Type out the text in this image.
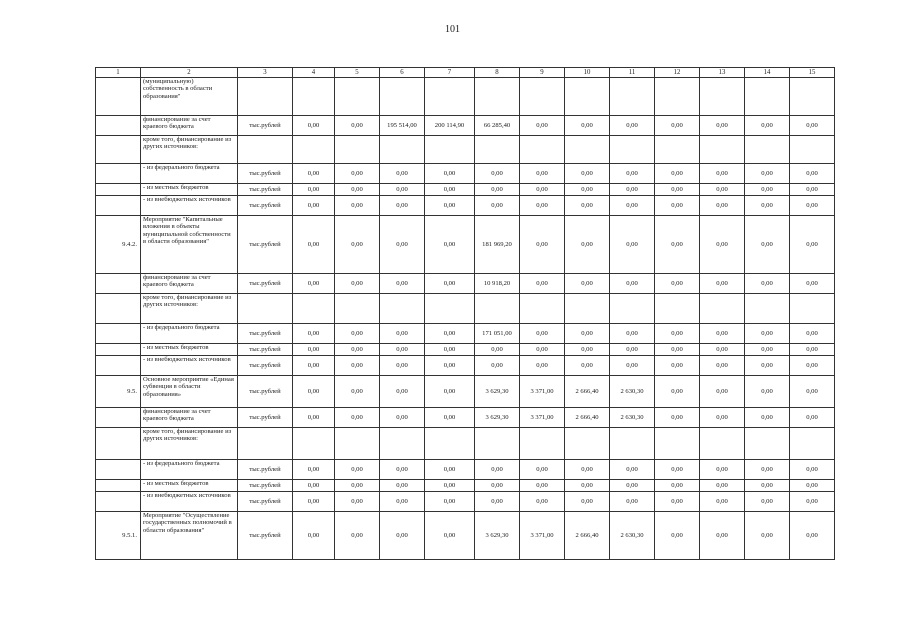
101
1	2	3	4	5	6	7	8	9	10	11	12	13	14	15
	(муниципальную) собственность в области образования"													
	финансирование за счет краевого бюджета	тыс.рублей	0,00	0,00	195 514,00	200 114,90	66 285,40	0,00	0,00	0,00	0,00	0,00	0,00	0,00
	кроме того, финансирование из других источников:													
	- из федерального бюджета	тыс.рублей	0,00	0,00	0,00	0,00	0,00	0,00	0,00	0,00	0,00	0,00	0,00	0,00
	- из местных бюджетов	тыс.рублей	0,00	0,00	0,00	0,00	0,00	0,00	0,00	0,00	0,00	0,00	0,00	0,00
	- из внебюджетных источников	тыс.рублей	0,00	0,00	0,00	0,00	0,00	0,00	0,00	0,00	0,00	0,00	0,00	0,00
9.4.2.	Мероприятие "Капитальные вложения в объекты муниципальной собственности в области образования"	тыс.рублей	0,00	0,00	0,00	0,00	181 969,20	0,00	0,00	0,00	0,00	0,00	0,00	0,00
	финансирование за счет краевого бюджета	тыс.рублей	0,00	0,00	0,00	0,00	10 918,20	0,00	0,00	0,00	0,00	0,00	0,00	0,00
	кроме того, финансирование из других источников:													
	- из федерального бюджета	тыс.рублей	0,00	0,00	0,00	0,00	171 051,00	0,00	0,00	0,00	0,00	0,00	0,00	0,00
	- из местных бюджетов	тыс.рублей	0,00	0,00	0,00	0,00	0,00	0,00	0,00	0,00	0,00	0,00	0,00	0,00
	- из внебюджетных источников	тыс.рублей	0,00	0,00	0,00	0,00	0,00	0,00	0,00	0,00	0,00	0,00	0,00	0,00
9.5.	Основное мероприятие «Единая субвенция в области образования»	тыс.рублей	0,00	0,00	0,00	0,00	3 629,30	3 371,00	2 666,40	2 630,30	0,00	0,00	0,00	0,00
	финансирование за счет краевого бюджета	тыс.рублей	0,00	0,00	0,00	0,00	3 629,30	3 371,00	2 666,40	2 630,30	0,00	0,00	0,00	0,00
	кроме того, финансирование из других источников:													
	- из федерального бюджета	тыс.рублей	0,00	0,00	0,00	0,00	0,00	0,00	0,00	0,00	0,00	0,00	0,00	0,00
	- из местных бюджетов	тыс.рублей	0,00	0,00	0,00	0,00	0,00	0,00	0,00	0,00	0,00	0,00	0,00	0,00
	- из внебюджетных источников	тыс.рублей	0,00	0,00	0,00	0,00	0,00	0,00	0,00	0,00	0,00	0,00	0,00	0,00
9.5.1.	Мероприятие "Осуществление государственных полномочий в области образования"	тыс.рублей	0,00	0,00	0,00	0,00	3 629,30	3 371,00	2 666,40	2 630,30	0,00	0,00	0,00	0,00
